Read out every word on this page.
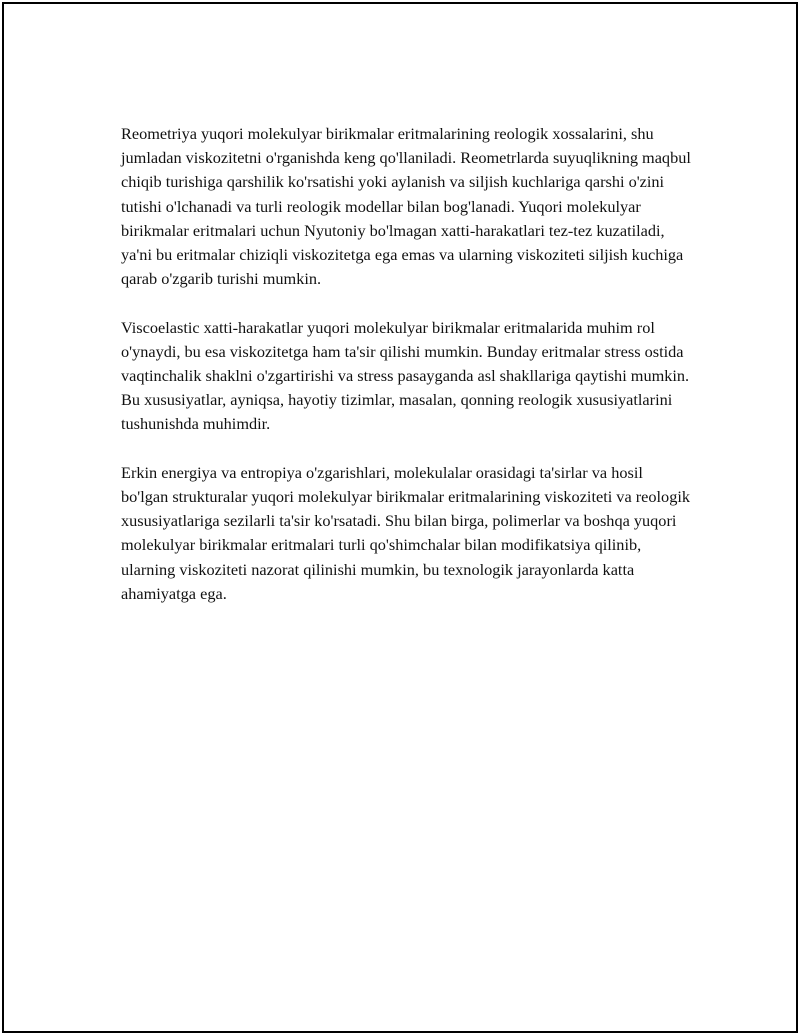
Reometriya yuqori molekulyar birikmalar eritmalarining reologik xossalarini, shu jumladan viskozitetni o'rganishda keng qo'llaniladi. Reometrlarda suyuqlikning maqbul chiqib turishiga qarshilik ko'rsatishi yoki aylanish va siljish kuchlariga qarshi o'zini tutishi o'lchanadi va turli reologik modellar bilan bog'lanadi. Yuqori molekulyar birikmalar eritmalari uchun Nyutoniy bo'lmagan xatti-harakatlari tez-tez kuzatiladi, ya'ni bu eritmalar chiziqli viskozitetga ega emas va ularning viskoziteti siljish kuchiga qarab o'zgarib turishi mumkin.

Viscoelastic xatti-harakatlar yuqori molekulyar birikmalar eritmalarida muhim rol o'ynaydi, bu esa viskozitetga ham ta'sir qilishi mumkin. Bunday eritmalar stress ostida vaqtinchalik shaklni o'zgartirishi va stress pasayganda asl shakllariga qaytishi mumkin. Bu xususiyatlar, ayniqsa, hayotiy tizimlar, masalan, qonning reologik xususiyatlarini tushunishda muhimdir.

Erkin energiya va entropiya o'zgarishlari, molekulalar orasidagi ta'sirlar va hosil bo'lgan strukturalar yuqori molekulyar birikmalar eritmalarining viskoziteti va reologik xususiyatlariga sezilarli ta'sir ko'rsatadi. Shu bilan birga, polimerlar va boshqa yuqori molekulyar birikmalar eritmalari turli qo'shimchalar bilan modifikatsiya qilinib, ularning viskoziteti nazorat qilinishi mumkin, bu texnologik jarayonlarda katta ahamiyatga ega.
